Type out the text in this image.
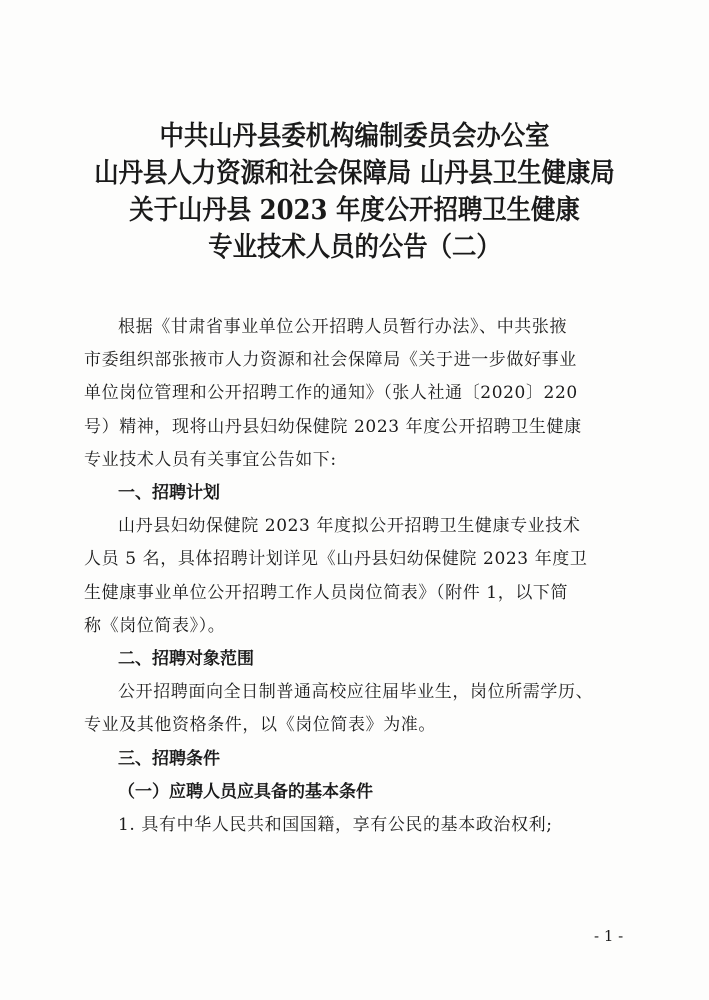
中共山丹县委机构编制委员会办公室
山丹县人力资源和社会保障局 山丹县卫生健康局
关于山丹县 2023 年度公开招聘卫生健康
专业技术人员的公告（二）
根据《甘肃省事业单位公开招聘人员暂行办法》、中共张掖
市委组织部张掖市人力资源和社会保障局《关于进一步做好事业
单位岗位管理和公开招聘工作的通知》（张人社通〔2020〕220
号）精神，现将山丹县妇幼保健院 2023 年度公开招聘卫生健康
专业技术人员有关事宜公告如下:
一、招聘计划
山丹县妇幼保健院 2023 年度拟公开招聘卫生健康专业技术
人员 5 名，具体招聘计划详见《山丹县妇幼保健院 2023 年度卫
生健康事业单位公开招聘工作人员岗位简表》（附件 1，以下简
称《岗位简表》）。
二、招聘对象范围
公开招聘面向全日制普通高校应往届毕业生，岗位所需学历、
专业及其他资格条件，以《岗位简表》为准。
三、招聘条件
（一）应聘人员应具备的基本条件
1. 具有中华人民共和国国籍，享有公民的基本政治权利;
- 1 -
